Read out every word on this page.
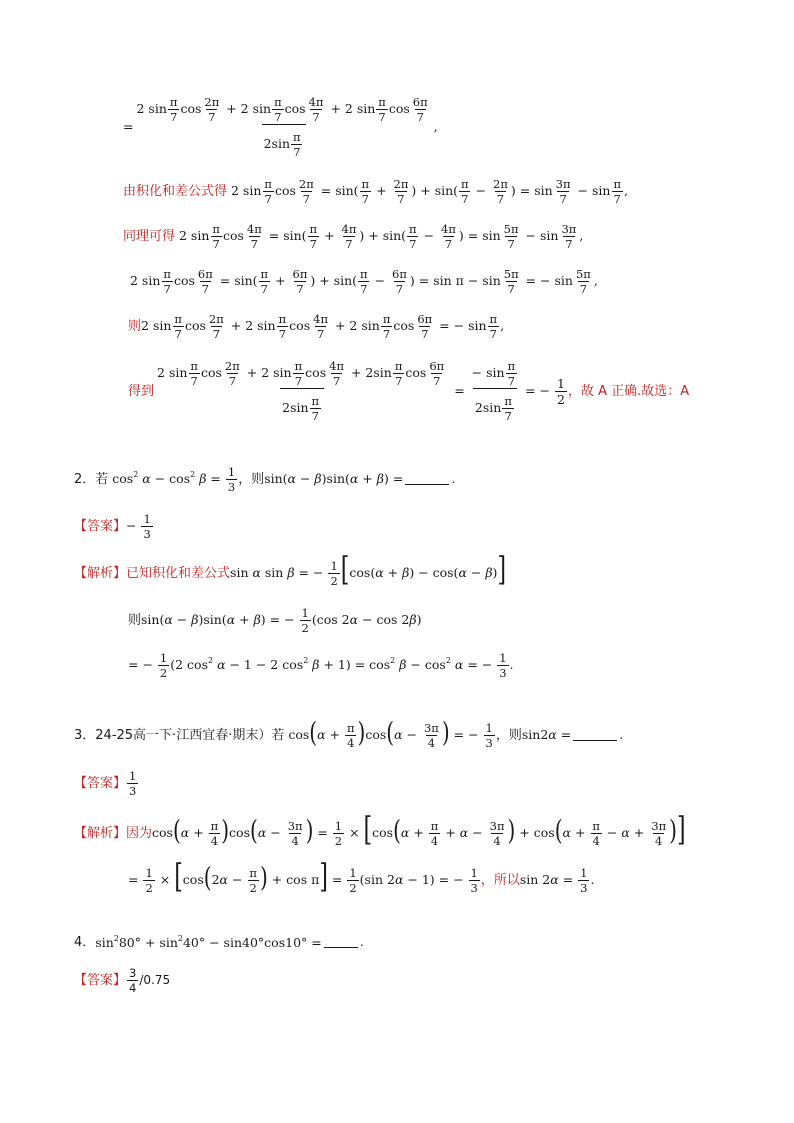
= $\frac{2 \sin \frac{\pi}{7} \cos \frac{2\pi}{7} + 2 \sin \frac{\pi}{7} \cos \frac{4\pi}{7} + 2 \sin \frac{\pi}{7} \cos \frac{6\pi}{7}}{2\sin \frac{\pi}{7}}$ ,
由积化和差公式得 2 $\sin \frac{\pi}{7}$ $\cos \frac{2\pi}{7} = \sin( \frac{\pi}{7} + \frac{2\pi}{7}$ ) + $\sin( \frac{\pi}{7} - \frac{2\pi}{7}$ ) = $\sin \frac{3\pi}{7} - \sin \frac{\pi}{7}$ ,
同理可得 2 $\sin \frac{\pi}{7}$ $\cos \frac{4\pi}{7} = \sin( \frac{\pi}{7} + \frac{4\pi}{7}$ ) + $\sin( \frac{\pi}{7} - \frac{4\pi}{7}$ ) = $\sin \frac{5\pi}{7} - \sin \frac{3\pi}{7}$ ,
2 $\sin \frac{\pi}{7}$ $\cos \frac{6\pi}{7} = \sin( \frac{\pi}{7} + \frac{6\pi}{7}$ ) + $\sin( \frac{\pi}{7} - \frac{6\pi}{7}$ ) = $\sin \pi - \sin \frac{5\pi}{7}$ = − $\sin \frac{5\pi}{7}$ ,
则 2 $\sin \frac{\pi}{7}$ $\cos \frac{2\pi}{7} + 2$ $\sin \frac{\pi}{7}$ $\cos \frac{4\pi}{7} + 2$ $\sin \frac{\pi}{7}$ $\cos \frac{6\pi}{7}$ = − $\sin \frac{\pi}{7}$ ,
得到 $\frac{2 \sin \frac{\pi}{7} \cos \frac{2\pi}{7} + 2 \sin \frac{\pi}{7} \cos \frac{4\pi}{7} + 2\sin \frac{\pi}{7} \cos \frac{6\pi}{7}}{2\sin \frac{\pi}{7}} = \frac{- \sin \frac{\pi}{7}}{2\sin \frac{\pi}{7}}$ = − $\frac{1}{2}$ ，故 A 正确.故选：A
2． 若 $\cos^2 \alpha - \cos^2 \beta = \frac{1}{3}$ ，则 sin(α − β)sin(α + β) =	.
【答案】 − $\frac{1}{3}$
【解析】 已知积化和差公式 sin α sin β = − $\frac{1}{2} [\cos(\alpha + \beta) - \cos(\alpha - \beta)]$
则 sin(α − β)sin(α + β) = − $\frac{1}{2} (\cos$ 2α − cos 2β)
= − $\frac{1}{2} (2$ $\cos^2 \alpha - 1 - 2$ $\cos^2 \beta + 1) = \cos^2 \beta - \cos^2 \alpha$ = − $\frac{1}{3}$ .
3． 24-25高一下·江西宜春·期末） 若 $\cos(\alpha + \frac{\pi}{4} )\cos(\alpha - \frac{3\pi}{4}$ ) = − $\frac{1}{3}$ ，则 sin2α =	.
【答案】 $\frac{1}{3}$
【解析】 因为 $\cos(\alpha + \frac{\pi}{4} )\cos(\alpha - \frac{3\pi}{4}$ ) = $\frac{1}{2} \times [\cos(\alpha + \frac{\pi}{4} + \alpha - \frac{3\pi}{4}$ ) + $\cos(\alpha + \frac{\pi}{4} - \alpha + \frac{3\pi}{4}$ )]
= $\frac{1}{2} \times [\cos(2\alpha - \frac{\pi}{2}$ ) + $\cos \pi] = \frac{1}{2} (\sin$ 2α − 1) = − $\frac{1}{3}$ ，所以 $\sin 2\alpha = \frac{1}{3}$ .
4． $\sin^280^\circ + \sin^240^\circ - \sin 40^\circ\cos 10^\circ$ =	.
【答案】 $\frac{3}{4} /0.75$
